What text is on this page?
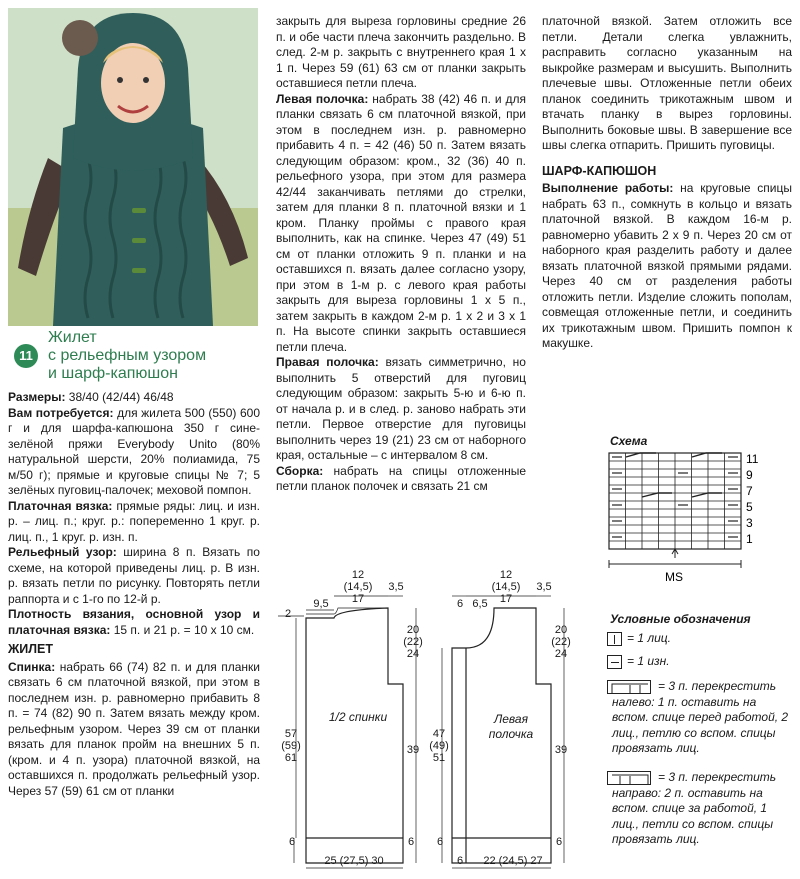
11
Жилет
с рельефным узором
и шарф-капюшон

Размеры: 38/40 (42/44) 46/48

Вам потребуется: для жилета 500 (550) 600 г и для шарфа-капюшона 350 г сине-зелёной пряжи Everybody Unito (80% натуральной шерсти, 20% полиамида, 75 м/50 г); прямые и круговые спицы № 7; 5 зелёных пуговиц-палочек; меховой помпон.

Платочная вязка: прямые ряды: лиц. и изн. р. – лиц. п.; круг. р.: попеременно 1 круг. р. лиц. п., 1 круг. р. изн. п.

Рельефный узор: ширина 8 п. Вязать по схеме, на которой приведены лиц. р. В изн. р. вязать петли по рисунку. Повторять петли раппорта и с 1-го по 12-й р.

Плотность вязания, основной узор и платочная вязка: 15 п. и 21 р. = 10 х 10 см.

ЖИЛЕТ

Спинка: набрать 66 (74) 82 п. и для планки связать 6 см платочной вязкой, при этом в последнем изн. р. равномерно прибавить 8 п. = 74 (82) 90 п. Затем вязать между кром. рельефным узором. Через 39 см от планки вязать для планок пройм на внешних 5 п. (кром. и 4 п. узора) платочной вязкой, на оставшихся п. продолжать рельефный узор. Через 57 (59) 61 см от планки

закрыть для выреза горловины средние 26 п. и обе части плеча закончить раздельно. В след. 2-м р. закрыть с внутреннего края 1 х 1 п. Через 59 (61) 63 см от планки закрыть оставшиеся петли плеча.

Левая полочка: набрать 38 (42) 46 п. и для планки связать 6 см платочной вязкой, при этом в последнем изн. р. равномерно прибавить 4 п. = 42 (46) 50 п. Затем вязать следующим образом: кром., 32 (36) 40 п. рельефного узора, при этом для размера 42/44 заканчивать петлями до стрелки, затем для планки 8 п. платочной вязки и 1 кром. Планку проймы с правого края выполнить, как на спинке. Через 47 (49) 51 см от планки отложить 9 п. планки и на оставшихся п. вязать далее согласно узору, при этом в 1-м р. с левого края работы закрыть для выреза горловины 1 х 5 п., затем закрыть в каждом 2-м р. 1 х 2 и 3 х 1 п. На высоте спинки закрыть оставшиеся петли плеча.

Правая полочка: вязать симметрично, но выполнить 5 отверстий для пуговиц следующим образом: закрыть 5-ю и 6-ю п. от начала р. и в след. р. заново набрать эти петли. Первое отверстие для пуговицы выполнить через 19 (21) 23 см от наборного края, остальные – с интервалом 8 см.

Сборка: набрать на спицы отложенные петли планок полочек и связать 21 см

платочной вязкой. Затем отложить все петли. Детали слегка увлажнить, расправить согласно указанным на выкройке размерам и высушить. Выполнить плечевые швы. Отложенные петли обеих планок соединить трикотажным швом и втачать планку в вырез горловины. Выполнить боковые швы. В завершение все швы слегка отпарить. Пришить пуговицы.

ШАРФ-КАПЮШОН

Выполнение работы: на круговые спицы набрать 63 п., сомкнуть в кольцо и вязать платочной вязкой. В каждом 16-м р. равномерно убавить 2 х 9 п. Через 20 см от наборного края разделить работу и далее вязать платочной вязкой прямыми рядами. Через 40 см от разделения работы отложить петли. Изделие сложить пополам, совмещая отложенные петли, и соединить их трикотажным швом. Пришить помпон к макушке.

Схема
11
9
7
5
3
1
MS
Условные обозначения
= 1 лиц.
= 1 изн.
= 3 п. перекрестить налево: 1 п. оставить на вспом. спице перед работой, 2 лиц., петлю со вспом. спицы провязать лиц.
= 3 п. перекрестить направо: 2 п. оставить на вспом. спице за работой, 1 лиц., петли со вспом. спицы провязать лиц.
1/2 спинки
12
(14,5)
17
3,5
9,5
2
20
(22)
24
57
(59)
61
39
6	6
25 (27,5) 30
Левая
полочка
12
(14,5)
17
3,5
6 6,5
20
(22)
24
47
(49)
51
39
6	6
6	22 (24,5) 27
